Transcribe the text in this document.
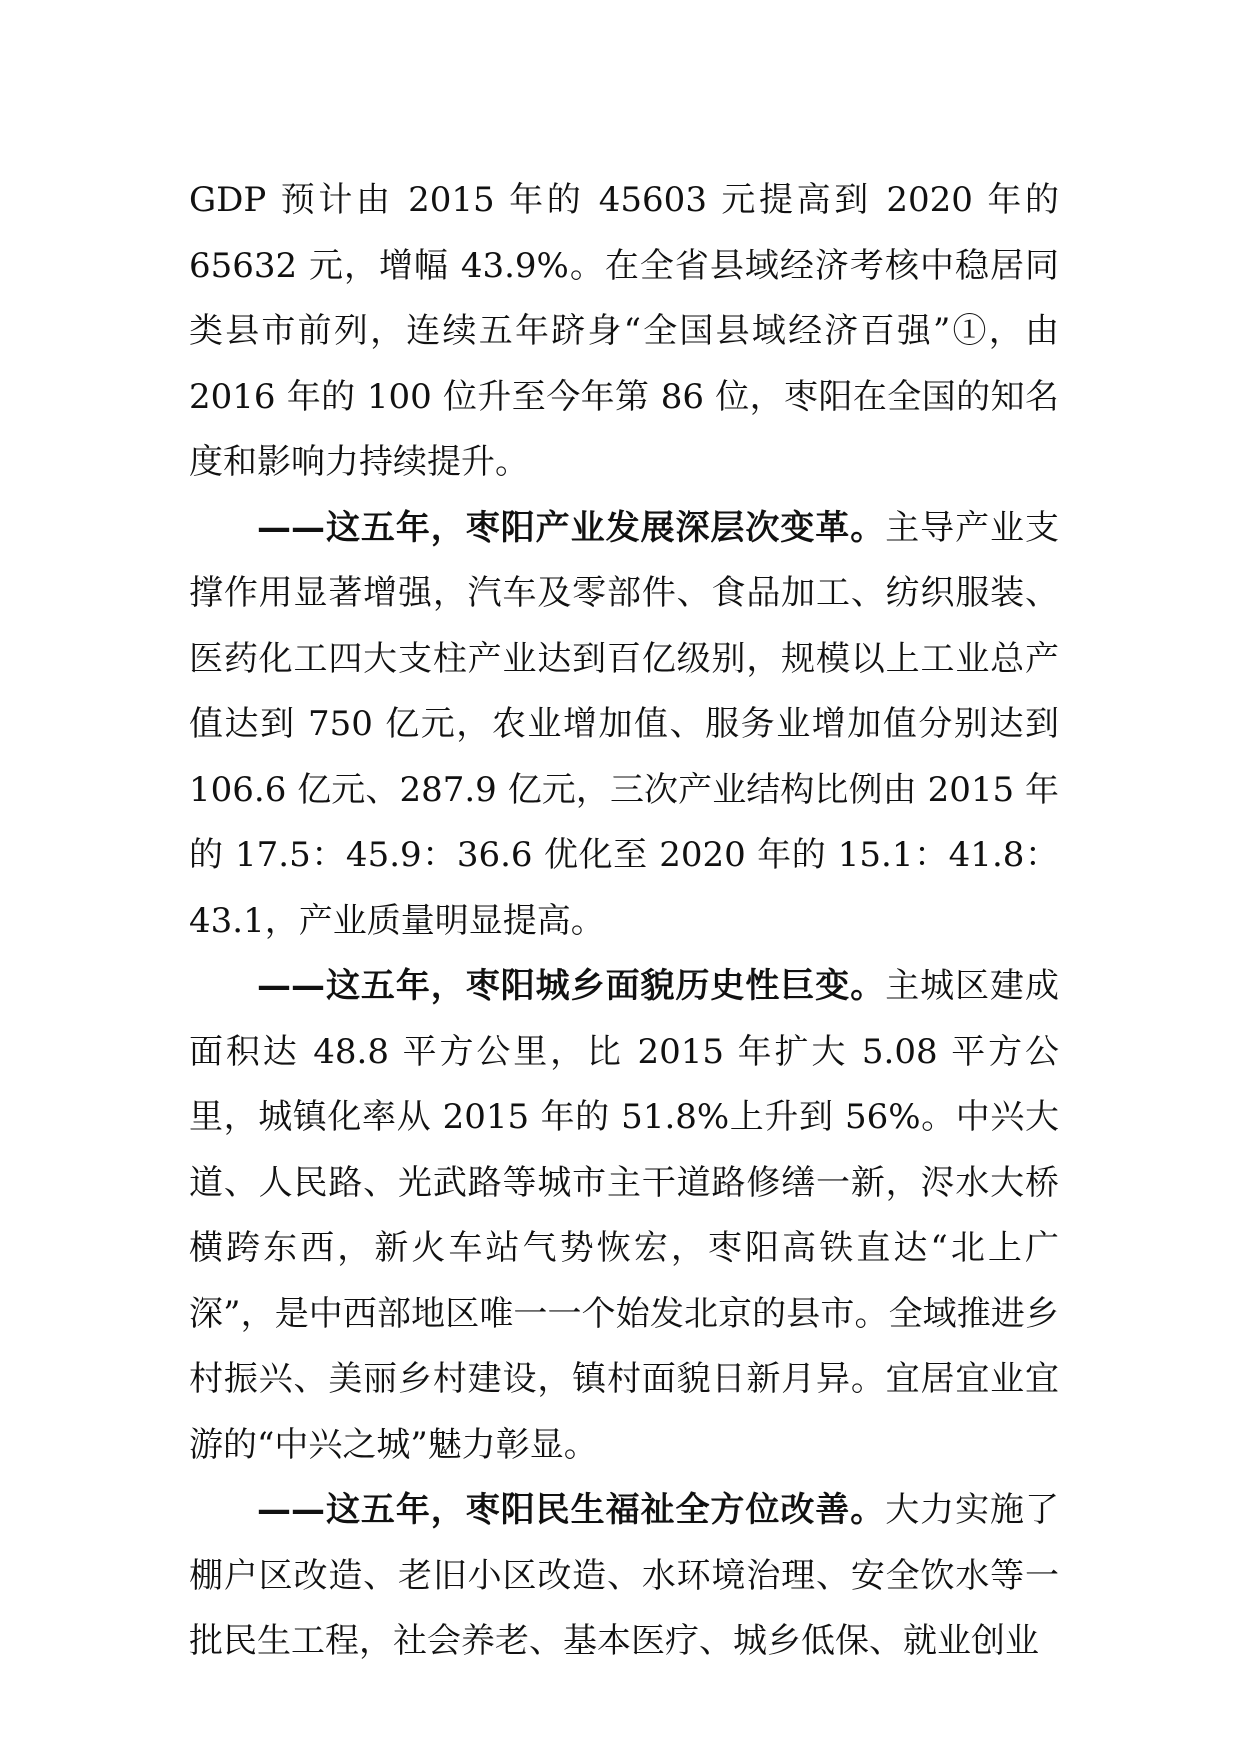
GDP 预计由 2015 年的 45603 元提高到 2020 年的 65632 元，增幅 43.9%。在全省县域经济考核中稳居同类县市前列，连续五年跻身“全国县域经济百强”①，由 2016 年的 100 位升至今年第 86 位，枣阳在全国的知名度和影响力持续提升。

——这五年，枣阳产业发展深层次变革。主导产业支撑作用显著增强，汽车及零部件、食品加工、纺织服装、医药化工四大支柱产业达到百亿级别，规模以上工业总产值达到 750 亿元，农业增加值、服务业增加值分别达到 106.6 亿元、287.9 亿元，三次产业结构比例由 2015 年的 17.5：45.9：36.6 优化至 2020 年的 15.1：41.8：43.1，产业质量明显提高。

——这五年，枣阳城乡面貌历史性巨变。主城区建成面积达 48.8 平方公里，比 2015 年扩大 5.08 平方公里，城镇化率从 2015 年的 51.8%上升到 56%。中兴大道、人民路、光武路等城市主干道路修缮一新，浕水大桥横跨东西，新火车站气势恢宏，枣阳高铁直达“北上广深”，是中西部地区唯一一个始发北京的县市。全域推进乡村振兴、美丽乡村建设，镇村面貌日新月异。宜居宜业宜游的“中兴之城”魅力彰显。

——这五年，枣阳民生福祉全方位改善。大力实施了棚户区改造、老旧小区改造、水环境治理、安全饮水等一批民生工程，社会养老、基本医疗、城乡低保、就业创业
